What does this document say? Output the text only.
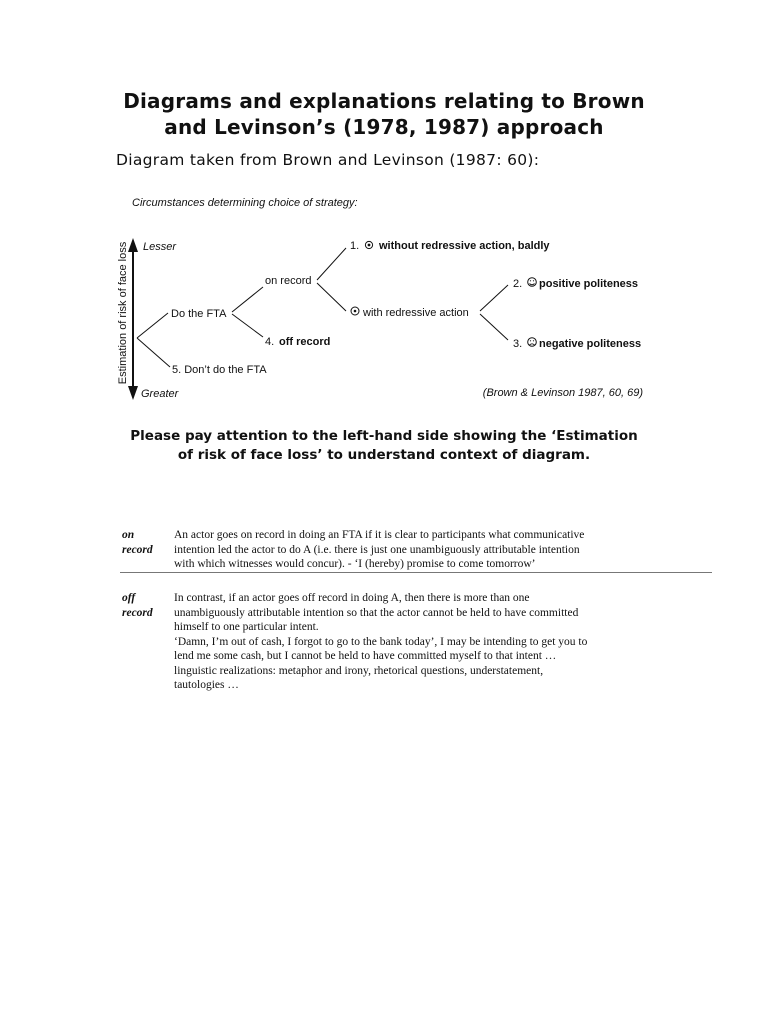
Diagrams and explanations relating to Brown
and Levinson’s (1978, 1987) approach
Diagram taken from Brown and Levinson (1987: 60):
Circumstances determining choice of strategy:
Estimation of risk of face loss Lesser
Greater
Do the FTA
5. Don’t do the FTA
on record
4. off record
1. without redressive action, baldly
with redressive action
2. positive politeness
3. negative politeness
(Brown & Levinson 1987, 60, 69)
Please pay attention to the left-hand side showing the ‘Estimation
of risk of face loss’ to understand context of diagram.
on
record

An actor goes on record in doing an FTA if it is clear to participants what communicative

intention led the actor to do A (i.e. there is just one unambiguously attributable intention

with which witnesses would concur). - ‘I (hereby) promise to come tomorrow’

off
record

In contrast, if an actor goes off record in doing A, then there is more than one

unambiguously attributable intention so that the actor cannot be held to have committed

himself to one particular intent.

‘Damn, I’m out of cash, I forgot to go to the bank today’, I may be intending to get you to

lend me some cash, but I cannot be held to have committed myself to that intent …

linguistic realizations: metaphor and irony, rhetorical questions, understatement,

tautologies …
